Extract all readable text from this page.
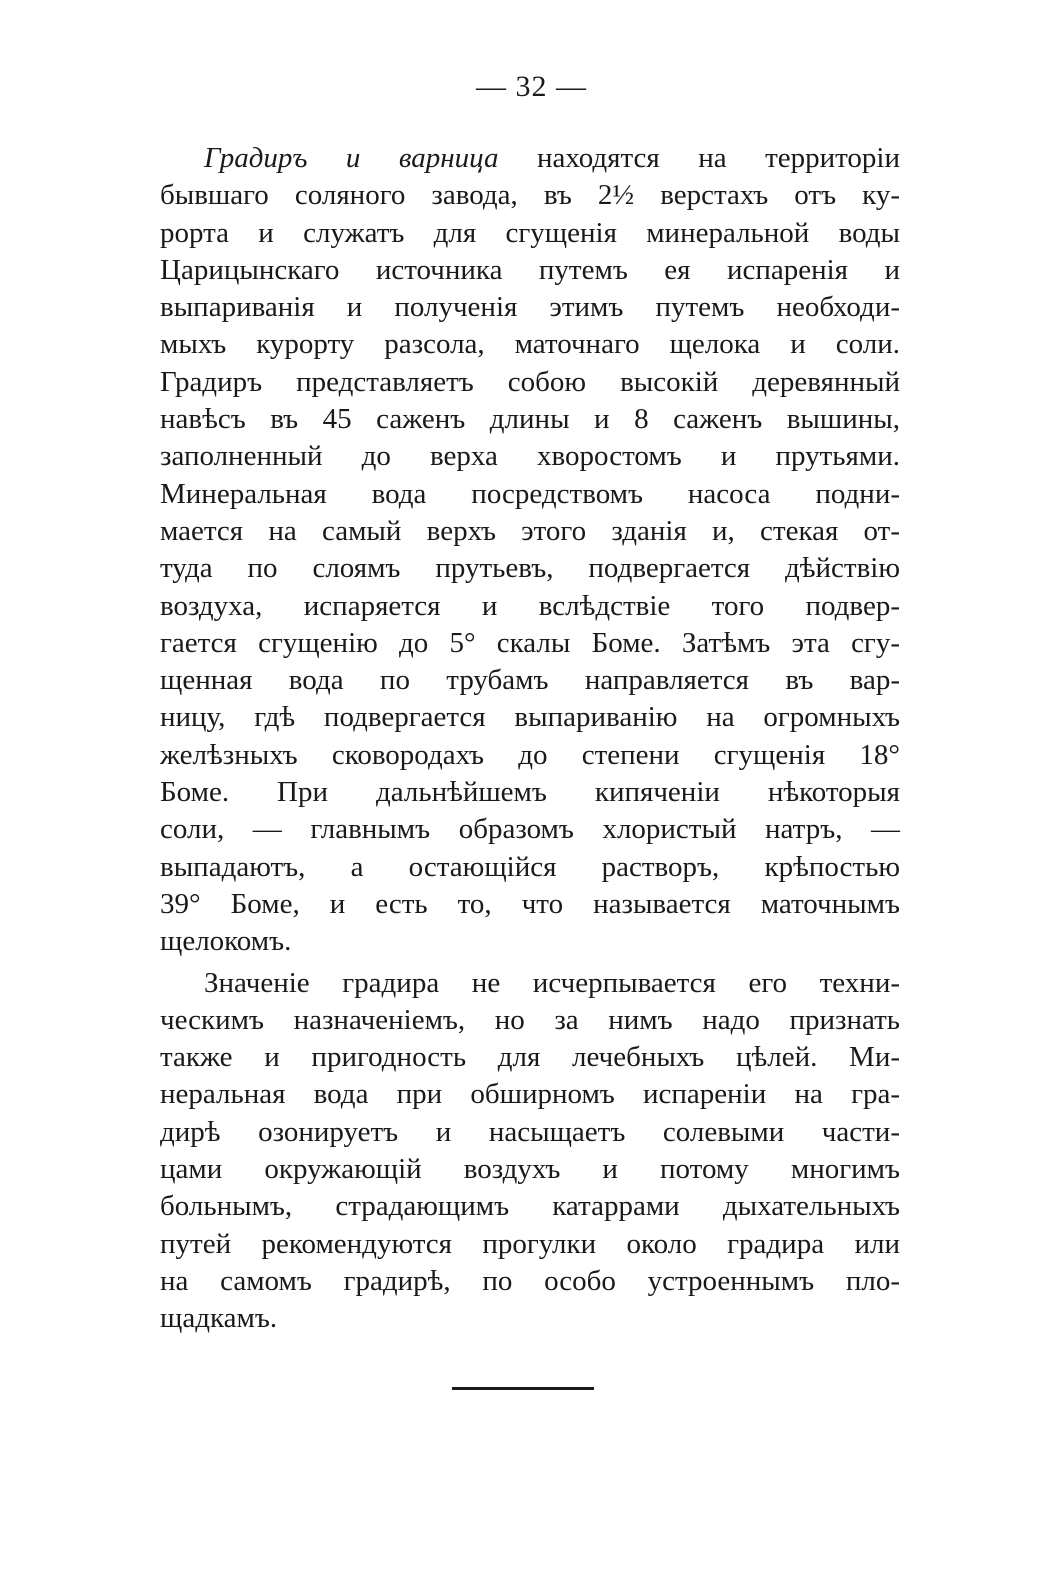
— 32 —
Градиръ и варница находятся на территоріи
бывшаго соляного завода, въ 2½ верстахъ отъ ку-
рорта и служатъ для сгущенія минеральной воды
Царицынскаго источника путемъ ея испаренія и
выпариванія и полученія этимъ путемъ необходи-
мыхъ курорту разсола, маточнаго щелока и соли.
Градиръ представляетъ собою высокій деревянный
навѣсъ въ 45 саженъ длины и 8 саженъ вышины,
заполненный до верха хворостомъ и прутьями.
Минеральная вода посредствомъ насоса подни-
мается на самый верхъ этого зданія и, стекая от-
туда по слоямъ прутьевъ, подвергается дѣйствію
воздуха, испаряется и вслѣдствіе того подвер-
гается сгущенію до 5° скалы Боме. Затѣмъ эта сгу-
щенная вода по трубамъ направляется въ вар-
ницу, гдѣ подвергается выпариванію на огромныхъ
желѣзныхъ сковородахъ до степени сгущенія 18°
Боме. При дальнѣйшемъ кипяченіи нѣкоторыя
соли, — главнымъ образомъ хлористый натръ, —
выпадаютъ, а остающійся растворъ, крѣпостью
39° Боме, и есть то, что называется маточнымъ
щелокомъ.
Значеніе градира не исчерпывается его техни-
ческимъ назначеніемъ, но за нимъ надо признать
также и пригодность для лечебныхъ цѣлей. Ми-
неральная вода при обширномъ испареніи на гра-
дирѣ озонируетъ и насыщаетъ солевыми части-
цами окружающій воздухъ и потому многимъ
больнымъ, страдающимъ катаррами дыхательныхъ
путей рекомендуются прогулки около градира или
на самомъ градирѣ, по особо устроеннымъ пло-
щадкамъ.
